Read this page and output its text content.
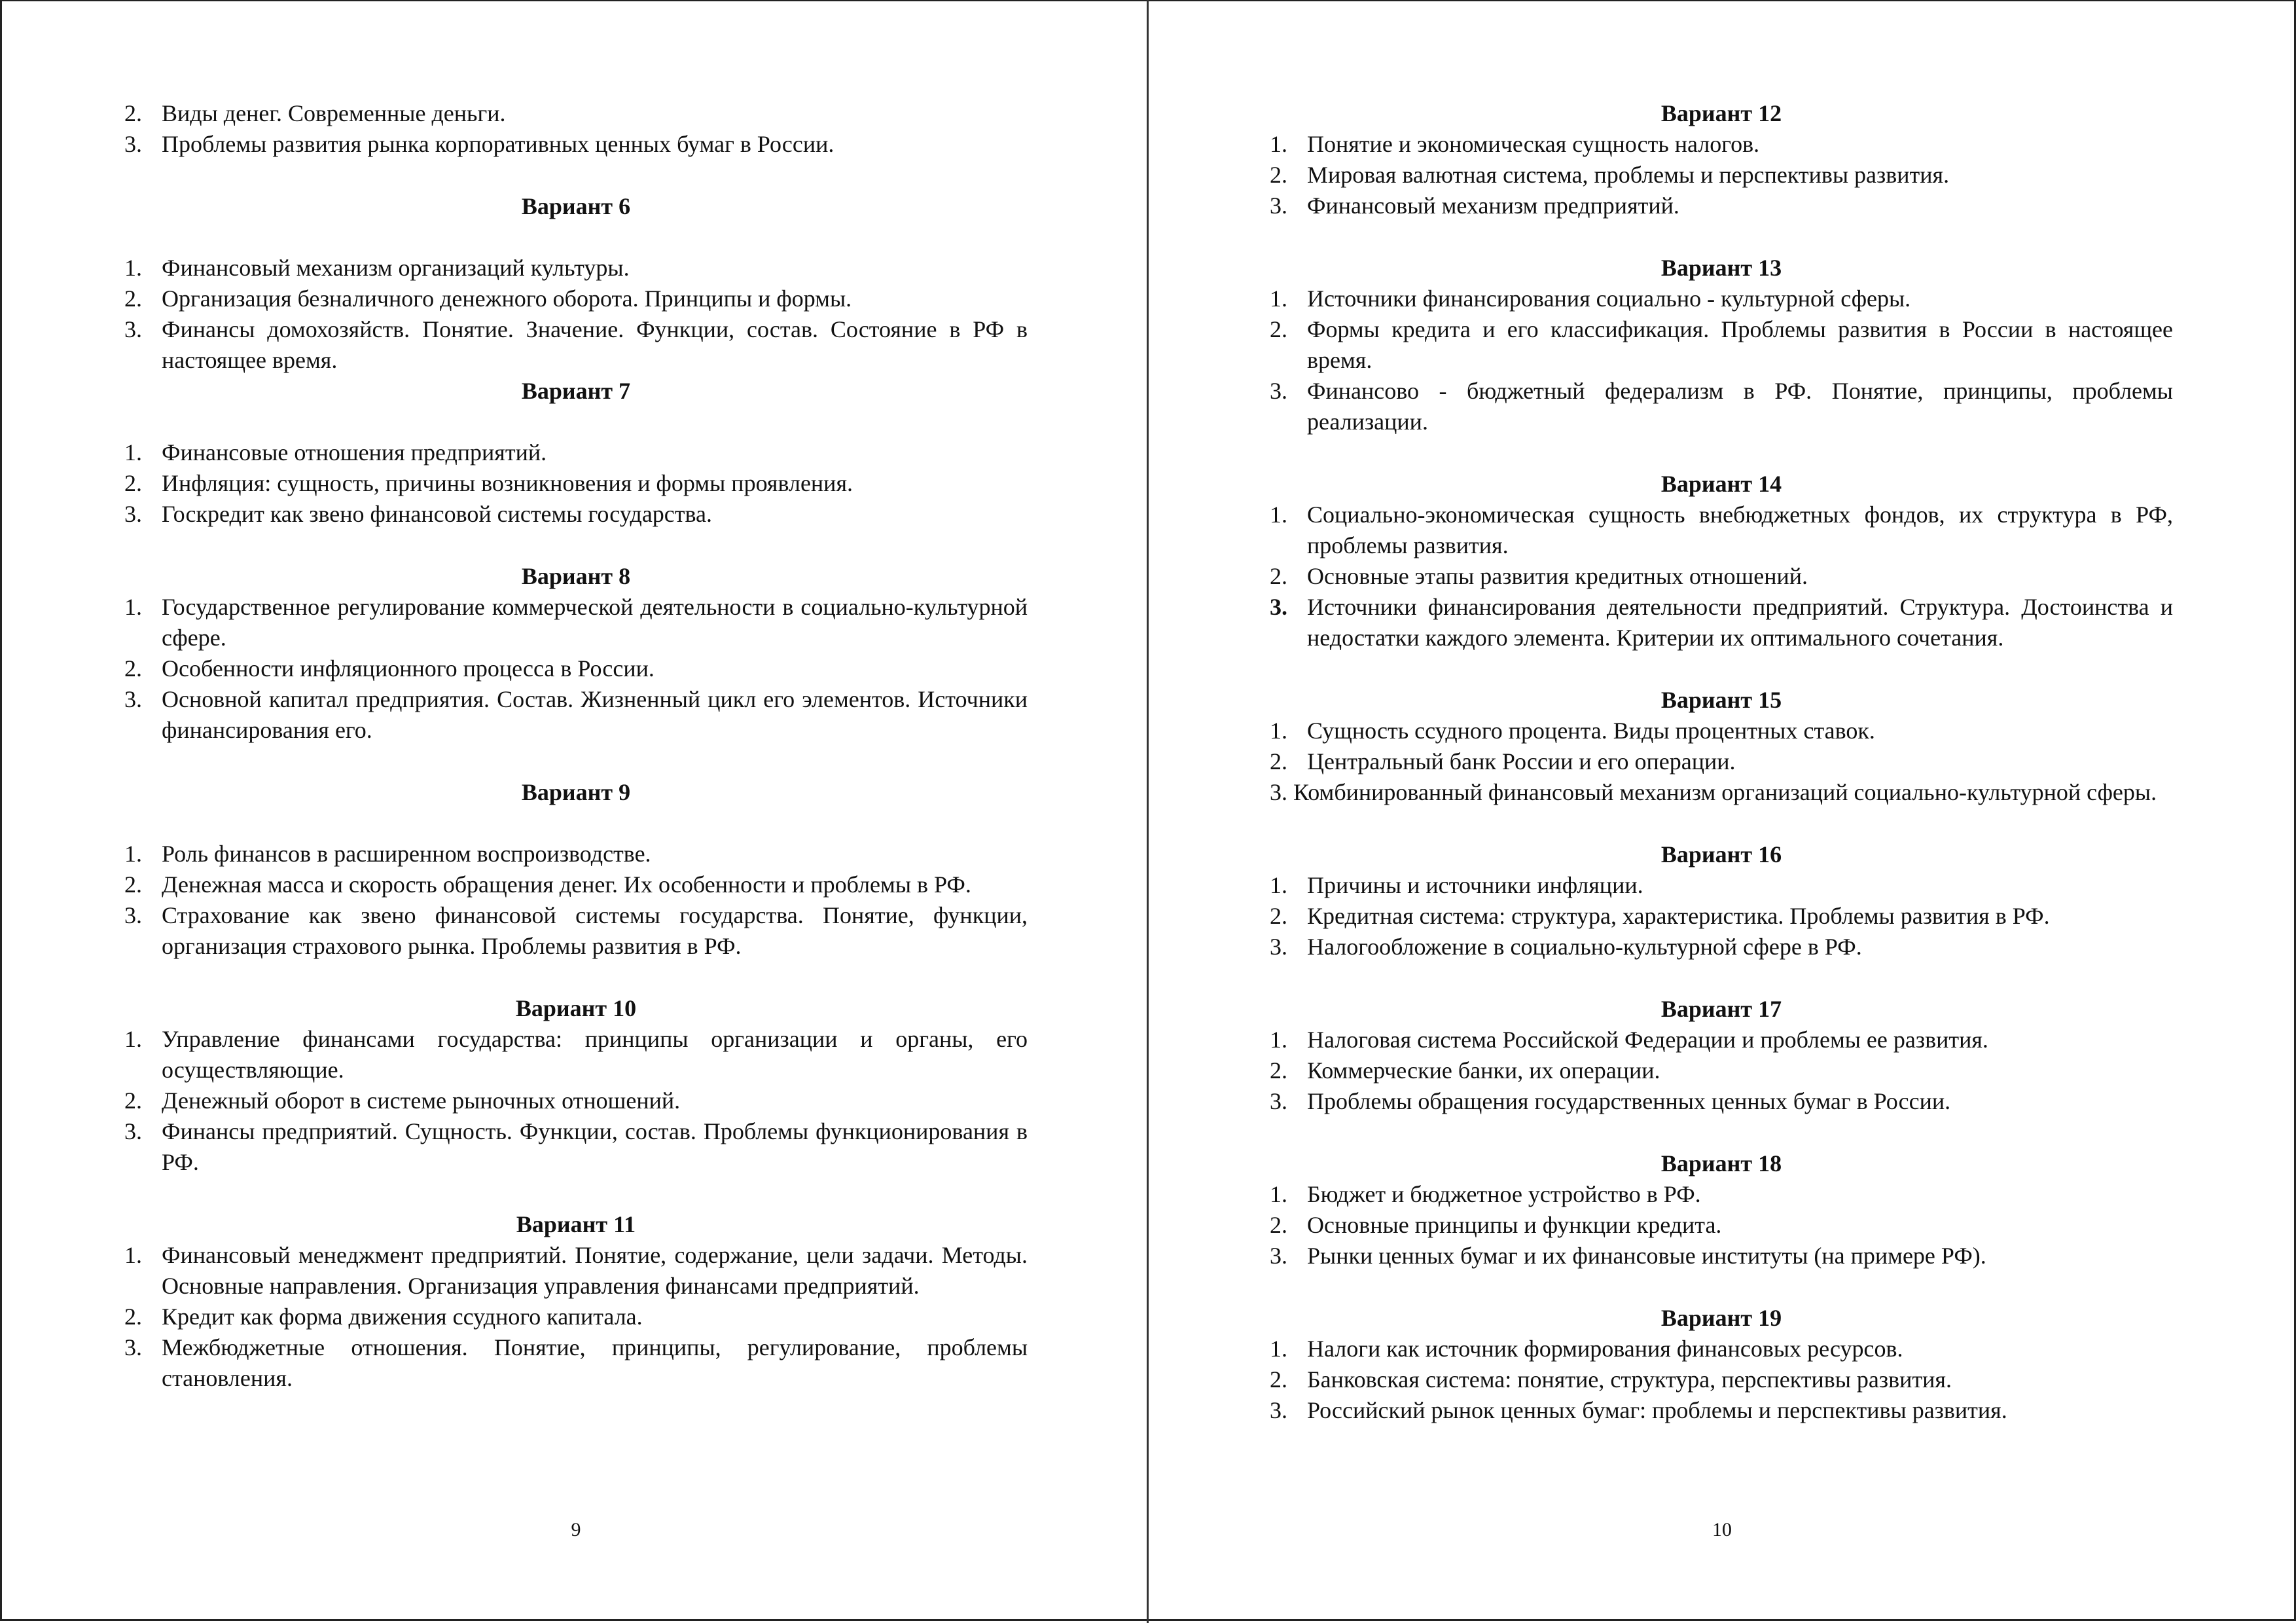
2. Виды денег. Современные деньги.
3. Проблемы развития рынка корпоративных ценных бумаг в России.

Вариант 6

1. Финансовый механизм организаций культуры.
2. Организация безналичного денежного оборота. Принципы и формы.
3. Финансы домохозяйств. Понятие. Значение. Функции, состав. Состояние в РФ в настоящее время.

Вариант 7

1. Финансовые отношения предприятий.
2. Инфляция: сущность, причины возникновения и формы проявления.
3. Госкредит как звено финансовой системы государства.

Вариант 8

1. Государственное регулирование коммерческой деятельности в социально-культурной сфере.
2. Особенности инфляционного процесса в России.
3. Основной капитал предприятия. Состав. Жизненный цикл его элементов. Источники финансирования его.

Вариант 9

1. Роль финансов в расширенном воспроизводстве.
2. Денежная масса и скорость обращения денег. Их особенности и проблемы в РФ.
3. Страхование как звено финансовой системы государства. Понятие, функции, организация страхового рынка. Проблемы развития в РФ.

Вариант 10

1. Управление финансами государства: принципы организации и органы, его осуществляющие.
2. Денежный оборот в системе рыночных отношений.
3. Финансы предприятий. Сущность. Функции, состав. Проблемы функционирования в РФ.

Вариант 11

1. Финансовый менеджмент предприятий. Понятие, содержание, цели задачи. Методы. Основные направления. Организация управления финансами предприятий.
2. Кредит как форма движения ссудного капитала.
3. Межбюджетные отношения. Понятие, принципы, регулирование, проблемы становления.
9

Вариант 12

1. Понятие и экономическая сущность налогов.
2. Мировая валютная система, проблемы и перспективы развития.
3. Финансовый механизм предприятий.

Вариант 13

1. Источники финансирования социально - культурной сферы.
2. Формы кредита и его классификация. Проблемы развития в России в настоящее время.
3. Финансово - бюджетный федерализм в РФ. Понятие, принципы, проблемы реализации.

Вариант 14

1. Социально-экономическая сущность внебюджетных фондов, их структура в РФ, проблемы развития.
2. Основные этапы развития кредитных отношений.
3. Источники финансирования деятельности предприятий. Структура. Достоинства и недостатки каждого элемента. Критерии их оптимального сочетания.

Вариант 15

1. Сущность ссудного процента. Виды процентных ставок.
2. Центральный банк России и его операции.
3. Комбинированный финансовый механизм организаций социально-культурной сферы.

Вариант 16

1. Причины и источники инфляции.
2. Кредитная система: структура, характеристика. Проблемы развития в РФ.
3. Налогообложение в социально-культурной сфере в РФ.

Вариант 17

1. Налоговая система Российской Федерации и проблемы ее развития.
2. Коммерческие банки, их операции.
3. Проблемы обращения государственных ценных бумаг в России.

Вариант 18

1. Бюджет и бюджетное устройство в РФ.
2. Основные принципы и функции кредита.
3. Рынки ценных бумаг и их финансовые институты (на примере РФ).

Вариант 19

1. Налоги как источник формирования финансовых ресурсов.
2. Банковская система: понятие, структура, перспективы развития.
3. Российский рынок ценных бумаг: проблемы и перспективы развития.
10
